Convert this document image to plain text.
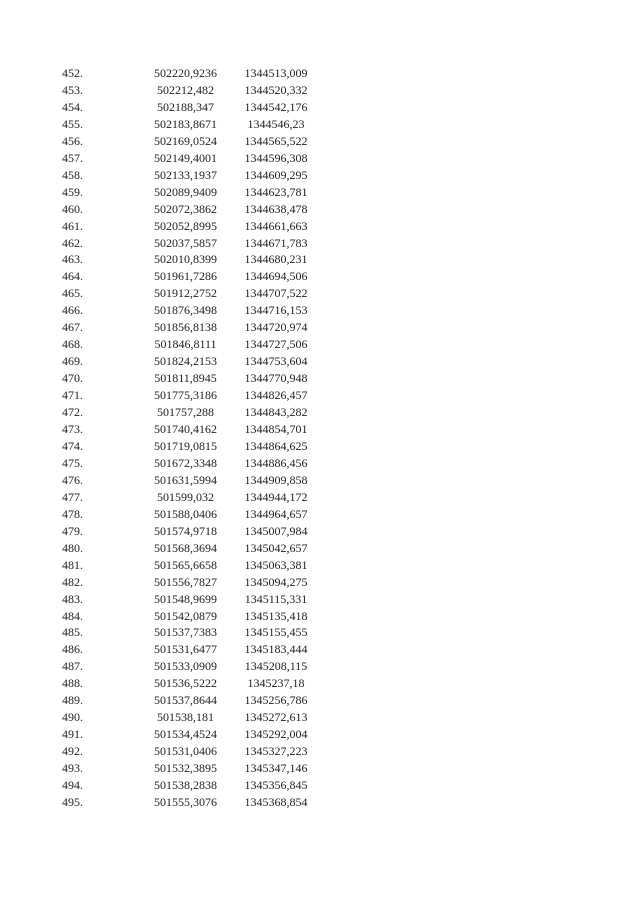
452.	502220,9236	1344513,009
453.	502212,482	1344520,332
454.	502188,347	1344542,176
455.	502183,8671	1344546,23
456.	502169,0524	1344565,522
457.	502149,4001	1344596,308
458.	502133,1937	1344609,295
459.	502089,9409	1344623,781
460.	502072,3862	1344638,478
461.	502052,8995	1344661,663
462.	502037,5857	1344671,783
463.	502010,8399	1344680,231
464.	501961,7286	1344694,506
465.	501912,2752	1344707,522
466.	501876,3498	1344716,153
467.	501856,8138	1344720,974
468.	501846,8111	1344727,506
469.	501824,2153	1344753,604
470.	501811,8945	1344770,948
471.	501775,3186	1344826,457
472.	501757,288	1344843,282
473.	501740,4162	1344854,701
474.	501719,0815	1344864,625
475.	501672,3348	1344886,456
476.	501631,5994	1344909,858
477.	501599,032	1344944,172
478.	501588,0406	1344964,657
479.	501574,9718	1345007,984
480.	501568,3694	1345042,657
481.	501565,6658	1345063,381
482.	501556,7827	1345094,275
483.	501548,9699	1345115,331
484.	501542,0879	1345135,418
485.	501537,7383	1345155,455
486.	501531,6477	1345183,444
487.	501533,0909	1345208,115
488.	501536,5222	1345237,18
489.	501537,8644	1345256,786
490.	501538,181	1345272,613
491.	501534,4524	1345292,004
492.	501531,0406	1345327,223
493.	501532,3895	1345347,146
494.	501538,2838	1345356,845
495.	501555,3076	1345368,854
